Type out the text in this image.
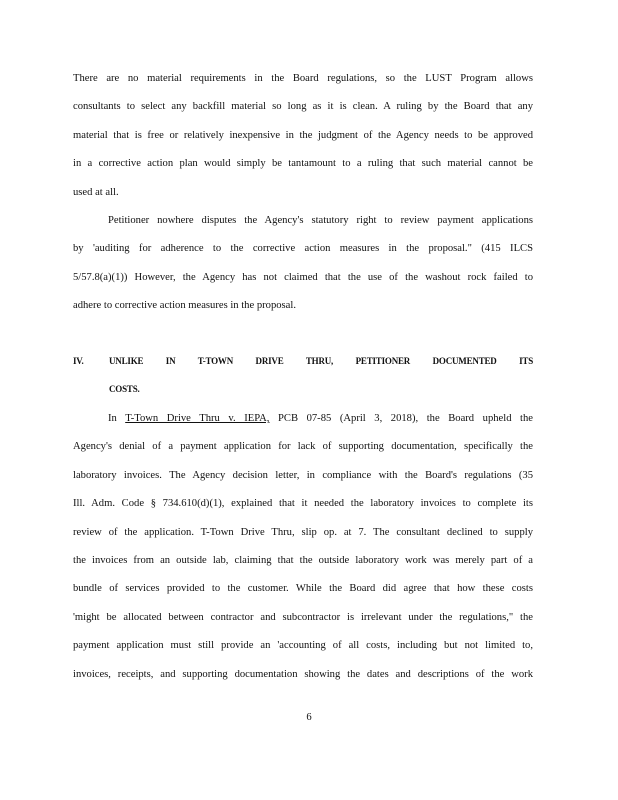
There are no material requirements in the Board regulations, so the LUST Program allows
consultants to select any backfill material so long as it is clean. A ruling by the Board that any
material that is free or relatively inexpensive in the judgment of the Agency needs to be approved
in a corrective action plan would simply be tantamount to a ruling that such material cannot be
used at all.
Petitioner nowhere disputes the Agency's statutory right to review payment applications
by 'auditing for adherence to the corrective action measures in the proposal." (415 ILCS
5/57.8(a)(1)) However, the Agency has not claimed that the use of the washout rock failed to
adhere to corrective action measures in the proposal.
IV.	UNLIKE IN T-TOWN DRIVE THRU, PETITIONER DOCUMENTED ITS
COSTS.
In T-Town Drive Thru v. IEPA, PCB 07-85 (April 3, 2018), the Board upheld the
Agency's denial of a payment application for lack of supporting documentation, specifically the
laboratory invoices. The Agency decision letter, in compliance with the Board's regulations (35
Ill. Adm. Code § 734.610(d)(1), explained that it needed the laboratory invoices to complete its
review of the application. T-Town Drive Thru, slip op. at 7. The consultant declined to supply
the invoices from an outside lab, claiming that the outside laboratory work was merely part of a
bundle of services provided to the customer. While the Board did agree that how these costs
'might be allocated between contractor and subcontractor is irrelevant under the regulations," the
payment application must still provide an 'accounting of all costs, including but not limited to,
invoices, receipts, and supporting documentation showing the dates and descriptions of the work
6
